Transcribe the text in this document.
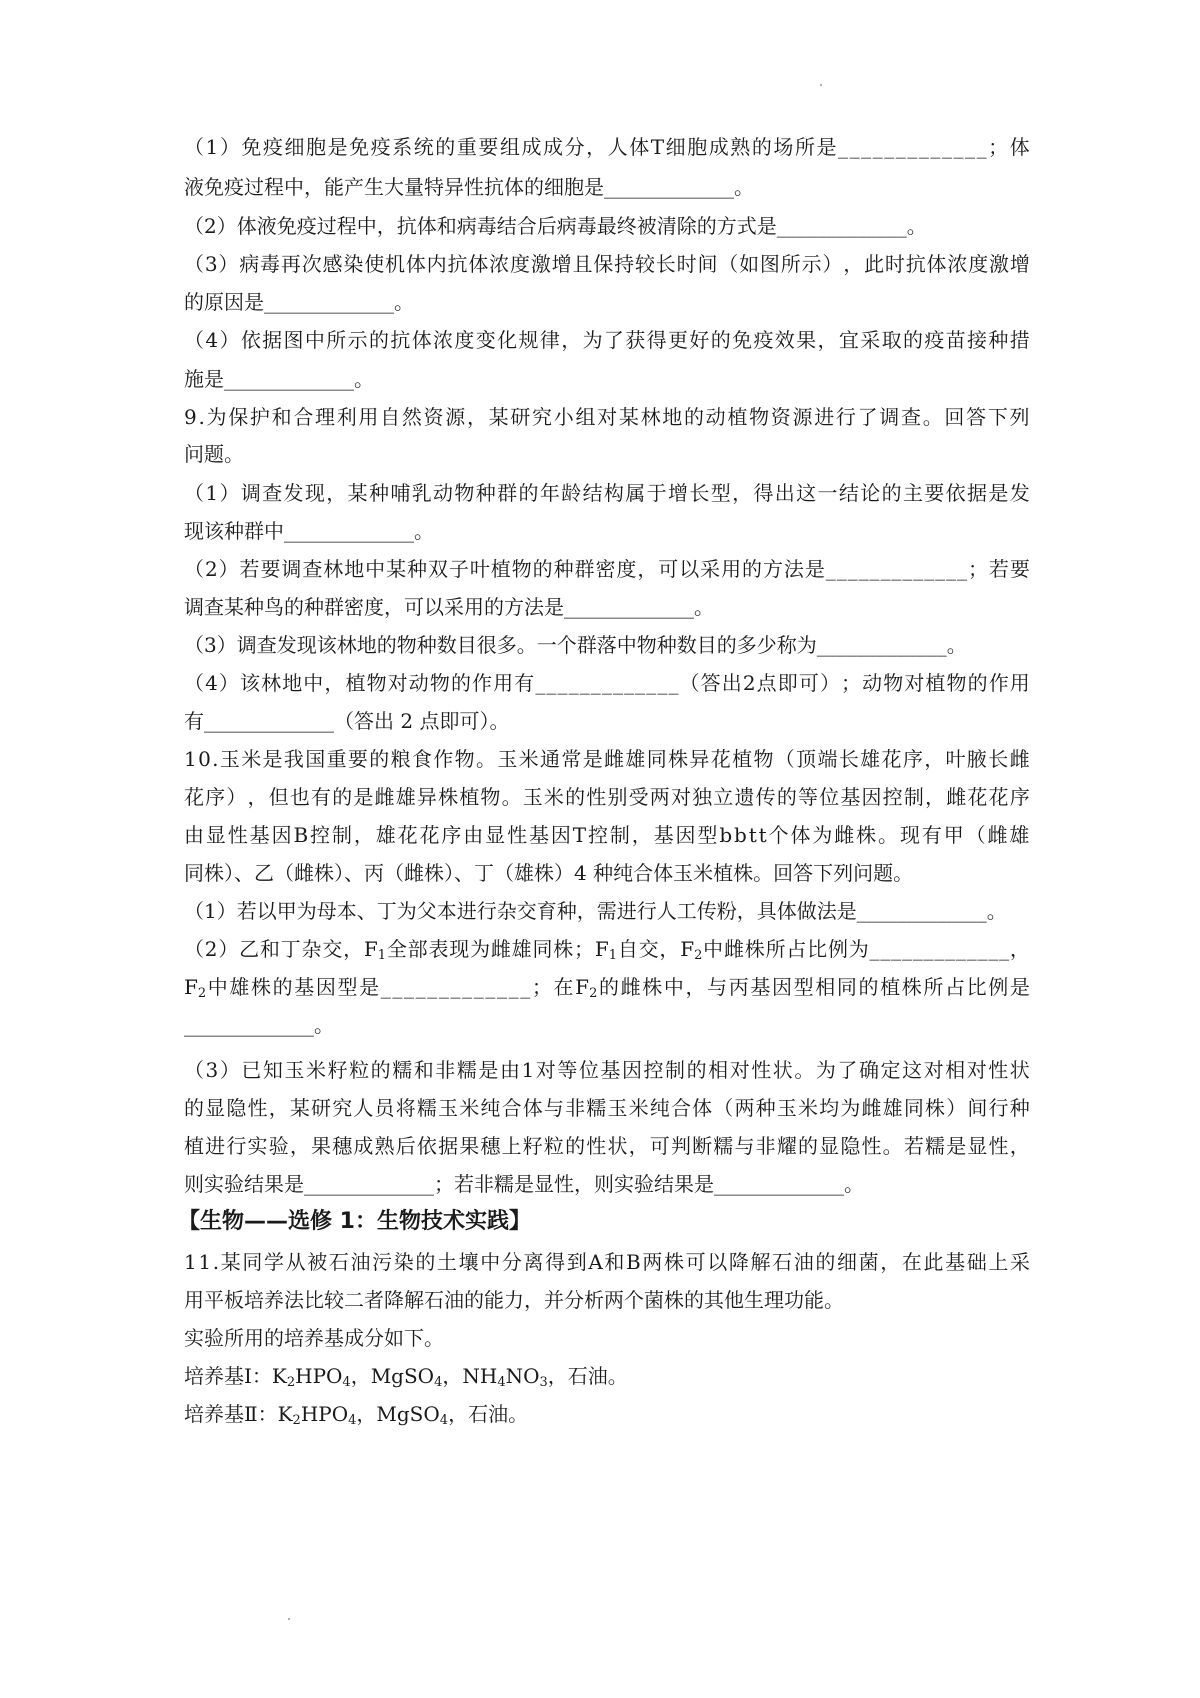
（ 1 ） 免 疫 细 胞 是 免 疫 系 统 的 重 要 组 成 成 分 ， 人 体 T 细 胞 成 熟 的 场 所 是 _ _ _ _ _ _ _ _ _ _ _ _ _ ； 体
液免疫过程中，能产生大量特异性抗体的细胞是_____________。
（2）体液免疫过程中，抗体和病毒结合后病毒最终被清除的方式是_____________。
（ 3 ） 病 毒 再 次 感 染 使 机 体 内 抗 体 浓 度 激 增 且 保 持 较 长 时 间 （ 如 图 所 示 ） ， 此 时 抗 体 浓 度 激 增
的原因是_____________。
（ 4 ） 依 据 图 中 所 示 的 抗 体 浓 度 变 化 规 律 ， 为 了 获 得 更 好 的 免 疫 效 果 ， 宜 采 取 的 疫 苗 接 种 措
施是_____________。
9 . 为 保 护 和 合 理 利 用 自 然 资 源 ， 某 研 究 小 组 对 某 林 地 的 动 植 物 资 源 进 行 了 调 查 。 回 答 下 列
问题。
（ 1 ） 调 查 发 现 ， 某 种 哺 乳 动 物 种 群 的 年 龄 结 构 属 于 增 长 型 ， 得 出 这 一 结 论 的 主 要 依 据 是 发
现该种群中_____________。
（ 2 ） 若 要 调 查 林 地 中 某 种 双 子 叶 植 物 的 种 群 密 度 ， 可 以 采 用 的 方 法 是 _ _ _ _ _ _ _ _ _ _ _ _ _ ； 若 要
调查某种鸟的种群密度，可以采用的方法是_____________。
（3）调查发现该林地的物种数目很多。一个群落中物种数目的多少称为_____________。
（ 4 ） 该 林 地 中 ， 植 物 对 动 物 的 作 用 有 _ _ _ _ _ _ _ _ _ _ _ _ _ （ 答 出 2 点 即 可 ） ； 动 物 对 植 物 的 作 用
有_____________（答出 2 点即可）。
1 0 . 玉 米 是 我 国 重 要 的 粮 食 作 物 。 玉 米 通 常 是 雌 雄 同 株 异 花 植 物 （ 顶 端 长 雄 花 序 ， 叶 腋 长 雌
花 序 ） ， 但 也 有 的 是 雌 雄 异 株 植 物 。 玉 米 的 性 别 受 两 对 独 立 遗 传 的 等 位 基 因 控 制 ， 雌 花 花 序
由 显 性 基 因 B 控 制 ， 雄 花 花 序 由 显 性 基 因 T 控 制 ， 基 因 型 b b t t 个 体 为 雌 株 。 现 有 甲 （ 雌 雄
同株）、乙（雌株）、丙（雌株）、丁（雄株）4 种纯合体玉米植株。回答下列问题。
（1）若以甲为母本、丁为父本进行杂交育种，需进行人工传粉，具体做法是_____________。
（ 2 ） 乙 和 丁 杂 交 ， $F_1$ 全 部 表 现 为 雌 雄 同 株 ； $F_1$ 自 交 ， $F_2$ 中 雌 株 所 占 比 例 为 _ _ _ _ _ _ _ _ _ _ _ _ _ ，
$F_2$ 中 雄 株 的 基 因 型 是 _ _ _ _ _ _ _ _ _ _ _ _ _ ； 在 $F_2$ 的 雌 株 中 ， 与 丙 基 因 型 相 同 的 植 株 所 占 比 例 是
_____________。
（ 3 ） 已 知 玉 米 籽 粒 的 糯 和 非 糯 是 由 1 对 等 位 基 因 控 制 的 相 对 性 状 。 为 了 确 定 这 对 相 对 性 状
的 显 隐 性 ， 某 研 究 人 员 将 糯 玉 米 纯 合 体 与 非 糯 玉 米 纯 合 体 （ 两 种 玉 米 均 为 雌 雄 同 株 ） 间 行 种
植 进 行 实 验 ， 果 穗 成 熟 后 依 据 果 穗 上 籽 粒 的 性 状 ， 可 判 断 糯 与 非 耀 的 显 隐 性 。 若 糯 是 显 性 ，
则实验结果是_____________；若非糯是显性，则实验结果是_____________。
【生物——选修 1：生物技术实践】
1 1 . 某 同 学 从 被 石 油 污 染 的 土 壤 中 分 离 得 到 A 和 B 两 株 可 以 降 解 石 油 的 细 菌 ， 在 此 基 础 上 采
用平板培养法比较二者降解石油的能力，并分析两个菌株的其他生理功能。
实验所用的培养基成分如下。
培养基Ⅰ：$K_2HPO_4$，MgSO$_4$，$NH_4NO_3$，石油。
培养基Ⅱ：$K_2HPO_4$，MgSO$_4$，石油。
